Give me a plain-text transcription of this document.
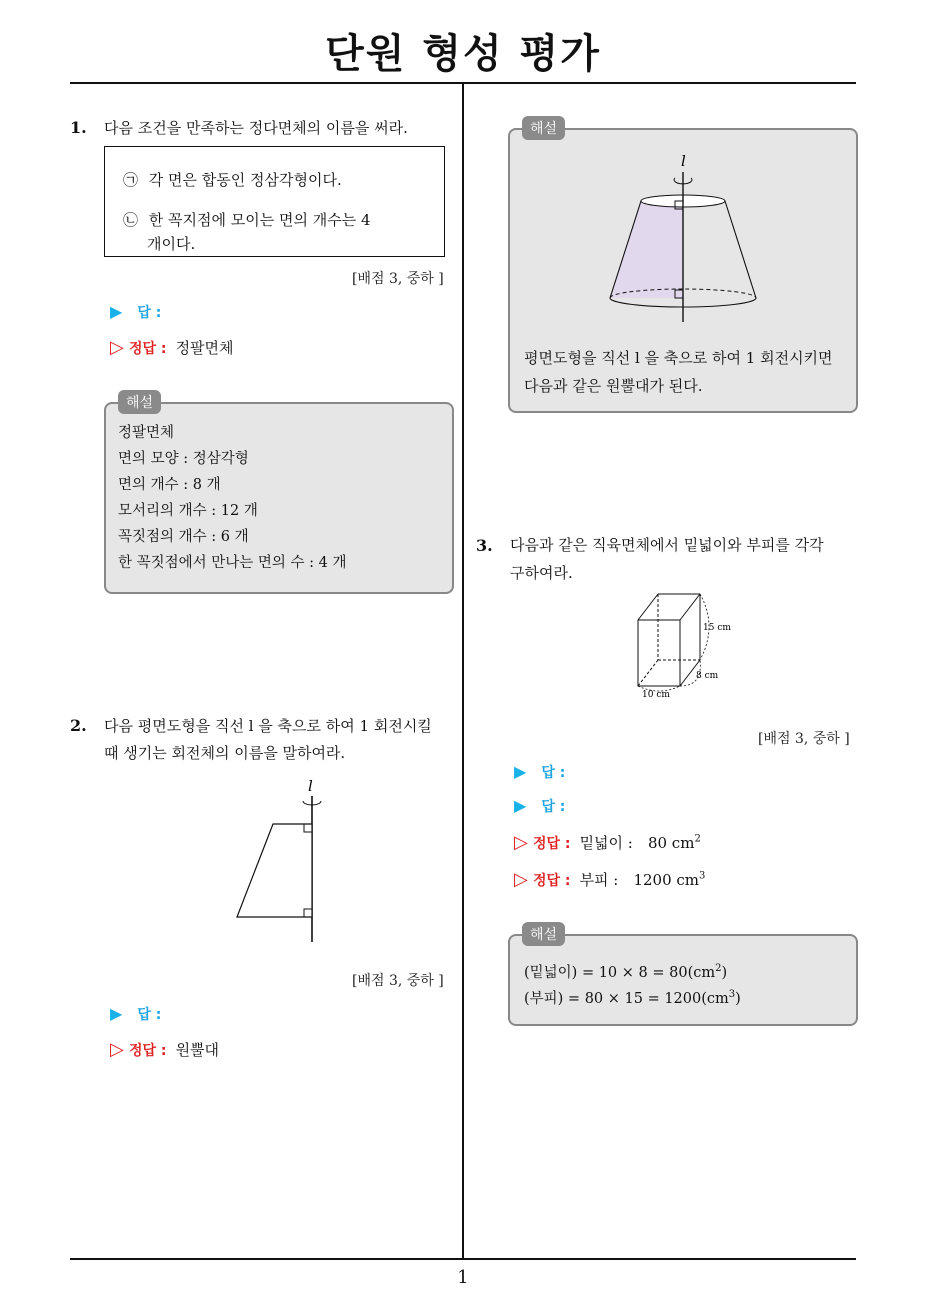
단원 형성 평가
1
1. 다음 조건을 만족하는 정다면체의 이름을 써라.
㉠ 각 면은 합동인 정삼각형이다.
㉡ 한 꼭지점에 모이는 면의 개수는 4
개이다.
[배점 3, 중하 ]
▶ 답 :
▷ 정답 : 정팔면체
정팔면체
면의 모양 : 정삼각형
면의 개수 : 8 개
모서리의 개수 : 12 개
꼭짓점의 개수 : 6 개
한 꼭짓점에서 만나는 면의 수 : 4 개
해설
2. 다음 평면도형을 직선 l 을 축으로 하여 1 회전시킬
때 생기는 회전체의 이름을 말하여라.
l
[배점 3, 중하 ]
▶ 답 :
▷ 정답 : 원뿔대
l
평면도형을 직선 l 을 축으로 하여 1 회전시키면
다음과 같은 원뿔대가 된다.
해설
3. 다음과 같은 직육면체에서 밑넓이와 부피를 각각
구하여라.
15 cm
8 cm
10 cm
[배점 3, 중하 ]
▶ 답 :
▶ 답 :
▷ 정답 : 밑넓이 : 80 $cm^2$
▷ 정답 : 부피 : 1200 $cm^3$
(밑넓이) = $10 \times 8 = 80(cm^2)$
(부피) = $80 \times 15 = 1200(cm^3)$
해설
